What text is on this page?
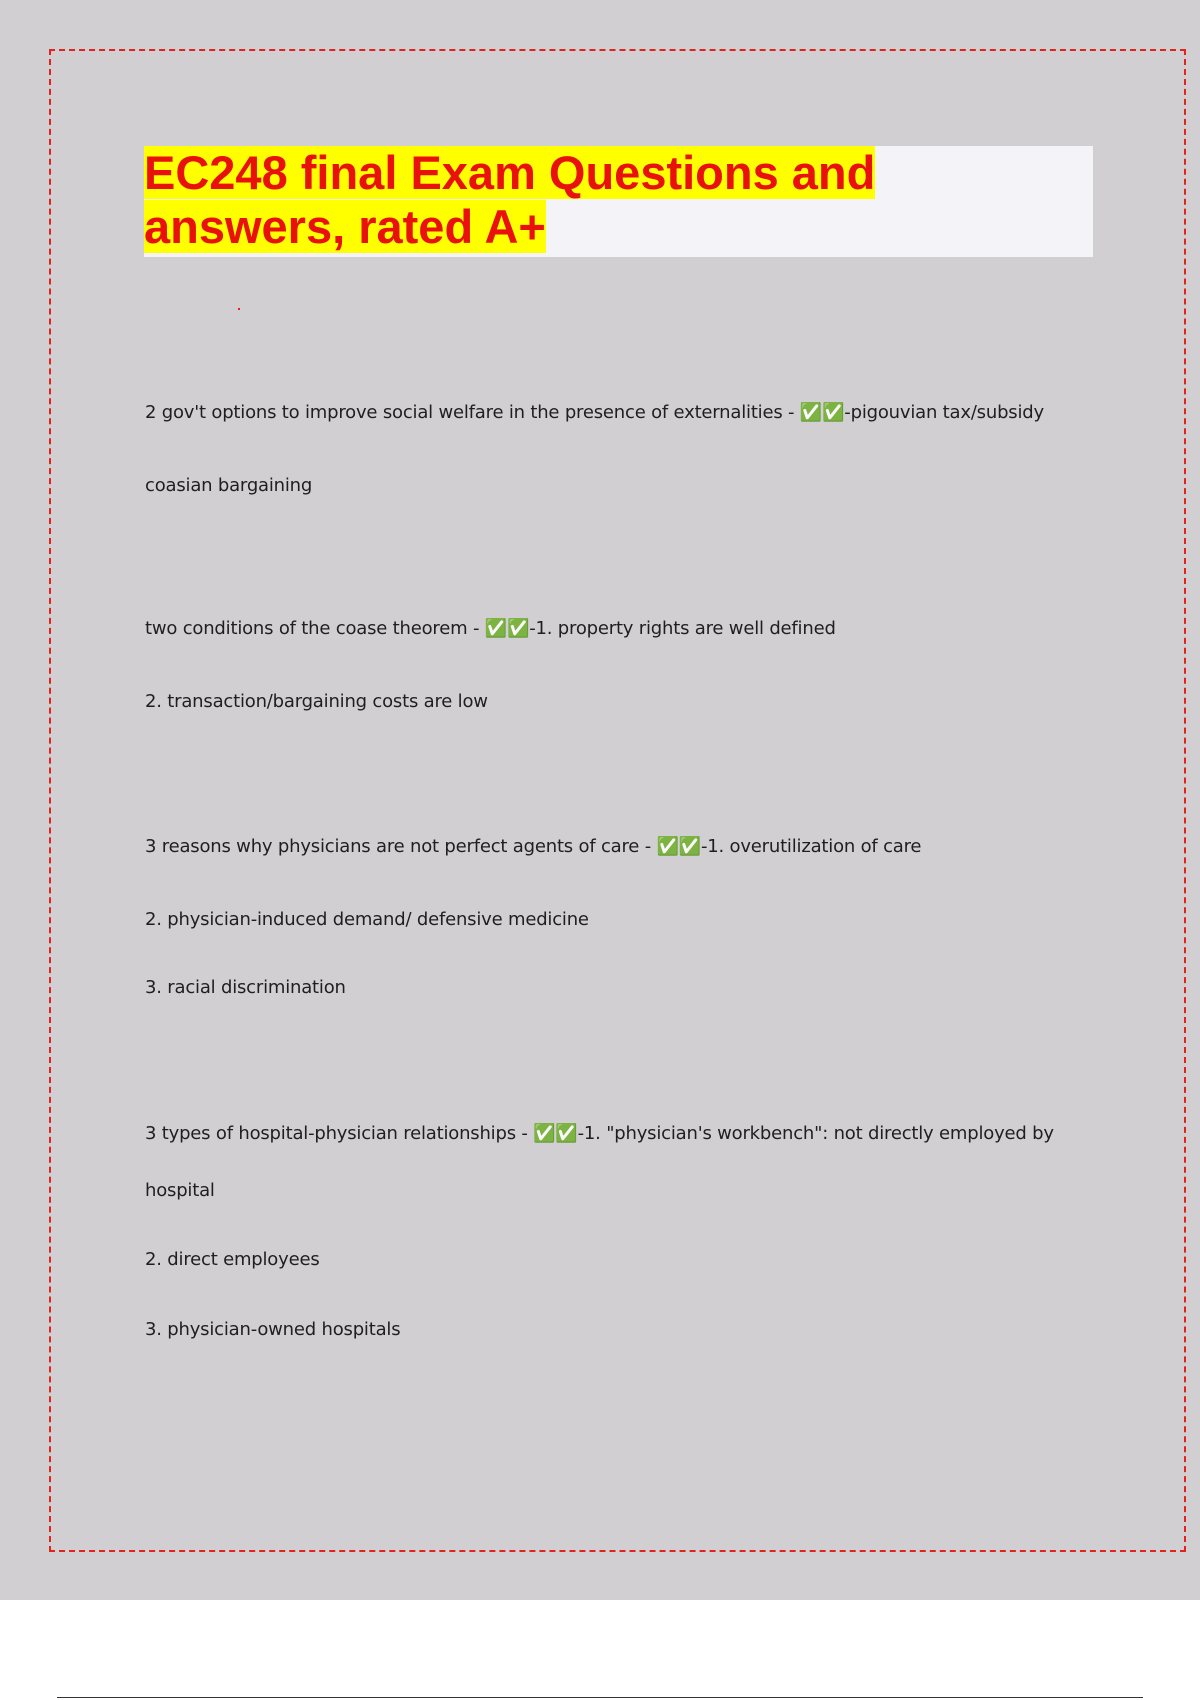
EC248 final Exam Questions and answers, rated A+

2 gov't options to improve social welfare in the presence of externalities - ✅✅-pigouvian tax/subsidy

coasian bargaining

two conditions of the coase theorem - ✅✅-1. property rights are well defined

2. transaction/bargaining costs are low

3 reasons why physicians are not perfect agents of care - ✅✅-1. overutilization of care

2. physician-induced demand/ defensive medicine

3. racial discrimination

3 types of hospital-physician relationships - ✅✅-1. "physician's workbench": not directly employed by

hospital

2. direct employees

3. physician-owned hospitals
